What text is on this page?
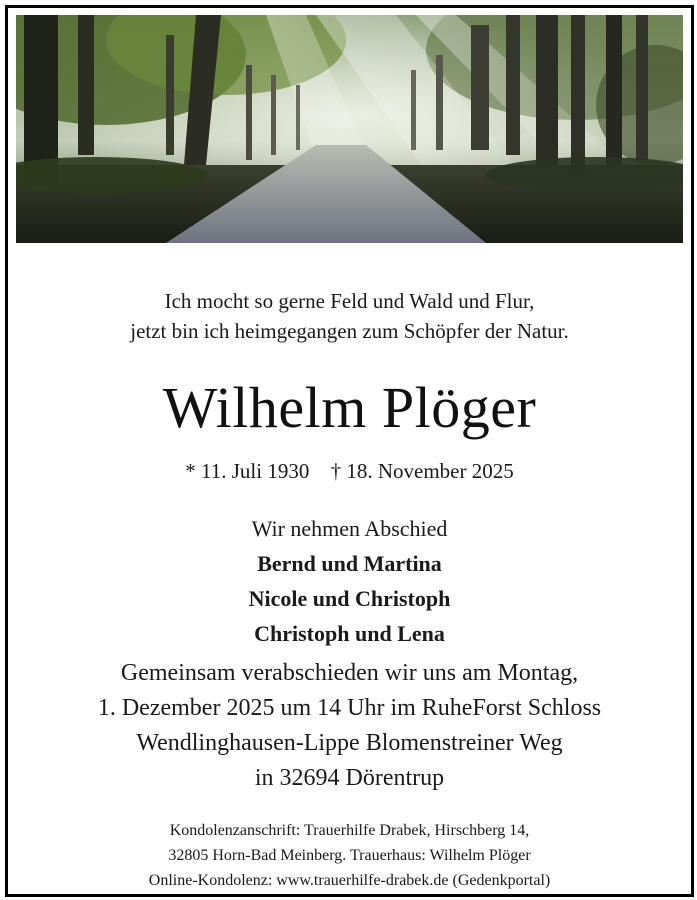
Ich mocht so gerne Feld und Wald und Flur,
jetzt bin ich heimgegangen zum Schöpfer der Natur.
Wilhelm Plöger
* 11. Juli 1930 † 18. November 2025
Wir nehmen Abschied
Bernd und Martina
Nicole und Christoph
Christoph und Lena
Gemeinsam verabschieden wir uns am Montag,
1. Dezember 2025 um 14 Uhr im RuheForst Schloss
Wendlinghausen-Lippe Blomenstreiner Weg
in 32694 Dörentrup
Kondolenzanschrift: Trauerhilfe Drabek, Hirschberg 14,
32805 Horn-Bad Meinberg. Trauerhaus: Wilhelm Plöger
Online-Kondolenz: www.trauerhilfe-drabek.de (Gedenkportal)
